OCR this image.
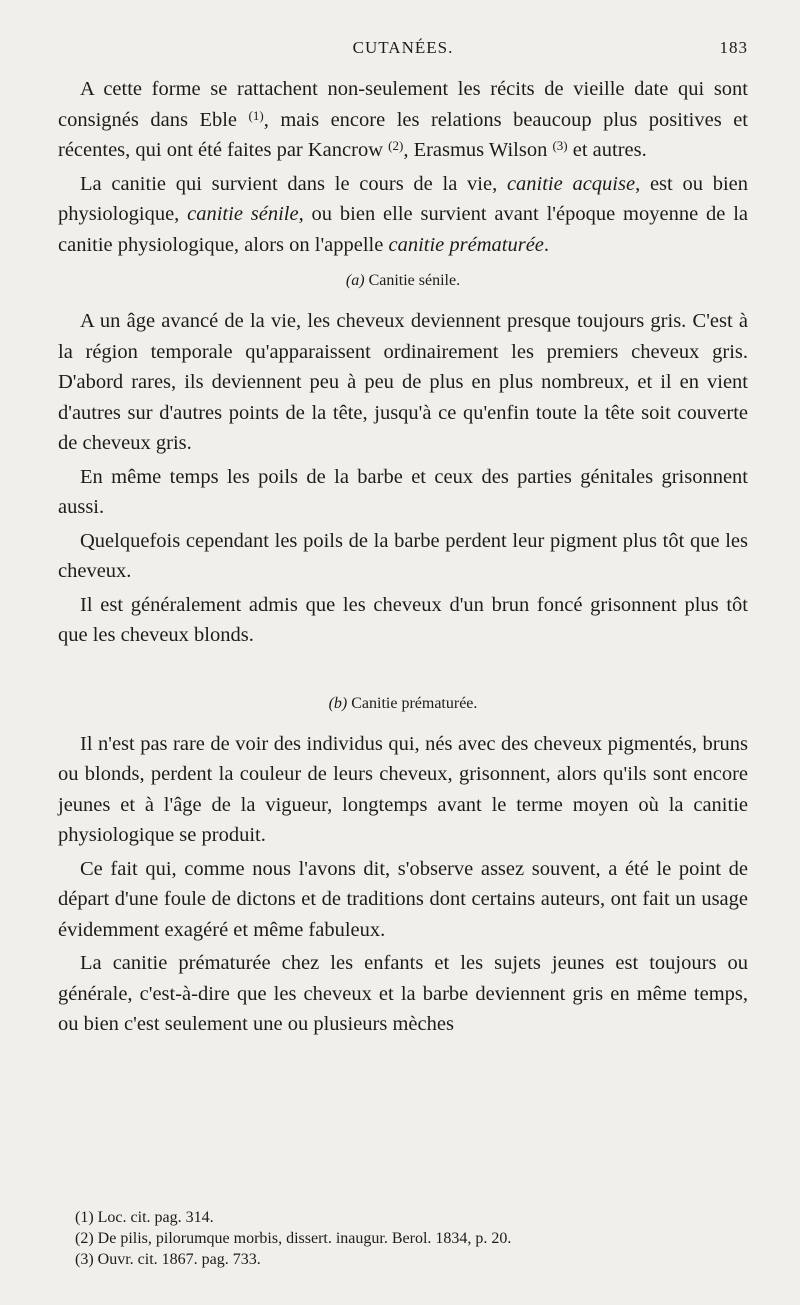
CUTANÉES.	183

A cette forme se rattachent non-seulement les récits de vieille date qui sont consignés dans Eble $^{(1)}$, mais encore les relations beaucoup plus positives et récentes, qui ont été faites par Kancrow $^{(2)}$, Erasmus Wilson $^{(3)}$ et autres.

La canitie qui survient dans le cours de la vie, canitie acquise, est ou bien physiologique, canitie sénile, ou bien elle survient avant l'époque moyenne de la canitie physiologique, alors on l'appelle canitie prématurée.

(a) Canitie sénile.

A un âge avancé de la vie, les cheveux deviennent presque toujours gris. C'est à la région temporale qu'apparaissent ordinairement les premiers cheveux gris. D'abord rares, ils deviennent peu à peu de plus en plus nombreux, et il en vient d'autres sur d'autres points de la tête, jusqu'à ce qu'enfin toute la tête soit couverte de cheveux gris.

En même temps les poils de la barbe et ceux des parties génitales grisonnent aussi.

Quelquefois cependant les poils de la barbe perdent leur pigment plus tôt que les cheveux.

Il est généralement admis que les cheveux d'un brun foncé grisonnent plus tôt que les cheveux blonds.

(b) Canitie prématurée.

Il n'est pas rare de voir des individus qui, nés avec des cheveux pigmentés, bruns ou blonds, perdent la couleur de leurs cheveux, grisonnent, alors qu'ils sont encore jeunes et à l'âge de la vigueur, longtemps avant le terme moyen où la canitie physiologique se produit.

Ce fait qui, comme nous l'avons dit, s'observe assez souvent, a été le point de départ d'une foule de dictons et de traditions dont certains auteurs, ont fait un usage évidemment exagéré et même fabuleux.

La canitie prématurée chez les enfants et les sujets jeunes est toujours ou générale, c'est-à-dire que les cheveux et la barbe deviennent gris en même temps, ou bien c'est seulement une ou plusieurs mèches

(1) Loc. cit. pag. 314.
(2) De pilis, pilorumque morbis, dissert. inaugur. Berol. 1834, p. 20.
(3) Ouvr. cit. 1867. pag. 733.
